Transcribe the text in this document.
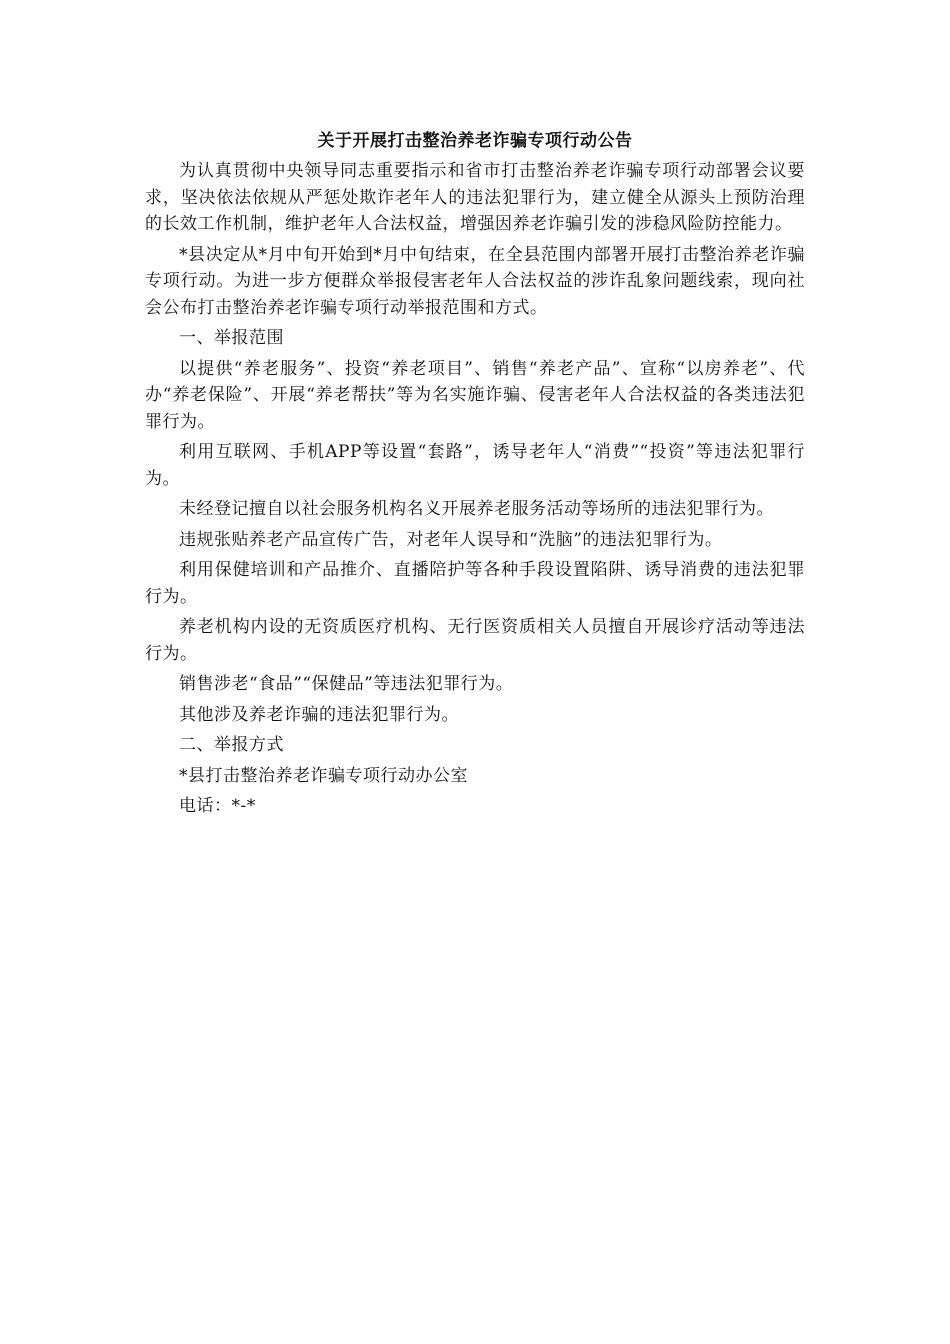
关于开展打击整治养老诈骗专项行动公告

为认真贯彻中央领导同志重要指示和省市打击整治养老诈骗专项行动部署会议要求，坚决依法依规从严惩处欺诈老年人的违法犯罪行为，建立健全从源头上预防治理的长效工作机制，维护老年人合法权益，增强因养老诈骗引发的涉稳风险防控能力。

*县决定从*月中旬开始到*月中旬结束，在全县范围内部署开展打击整治养老诈骗专项行动。为进一步方便群众举报侵害老年人合法权益的涉诈乱象问题线索，现向社会公布打击整治养老诈骗专项行动举报范围和方式。

一、举报范围

以提供“养老服务”、投资“养老项目”、销售“养老产品”、宣称“以房养老”、代办“养老保险”、开展“养老帮扶”等为名实施诈骗、侵害老年人合法权益的各类违法犯罪行为。

利用互联网、手机APP等设置“套路”，诱导老年人“消费”“投资”等违法犯罪行为。

未经登记擅自以社会服务机构名义开展养老服务活动等场所的违法犯罪行为。

违规张贴养老产品宣传广告，对老年人误导和“洗脑”的违法犯罪行为。

利用保健培训和产品推介、直播陪护等各种手段设置陷阱、诱导消费的违法犯罪行为。

养老机构内设的无资质医疗机构、无行医资质相关人员擅自开展诊疗活动等违法行为。

销售涉老“食品”“保健品”等违法犯罪行为。

其他涉及养老诈骗的违法犯罪行为。

二、举报方式

*县打击整治养老诈骗专项行动办公室

电话：*-*
